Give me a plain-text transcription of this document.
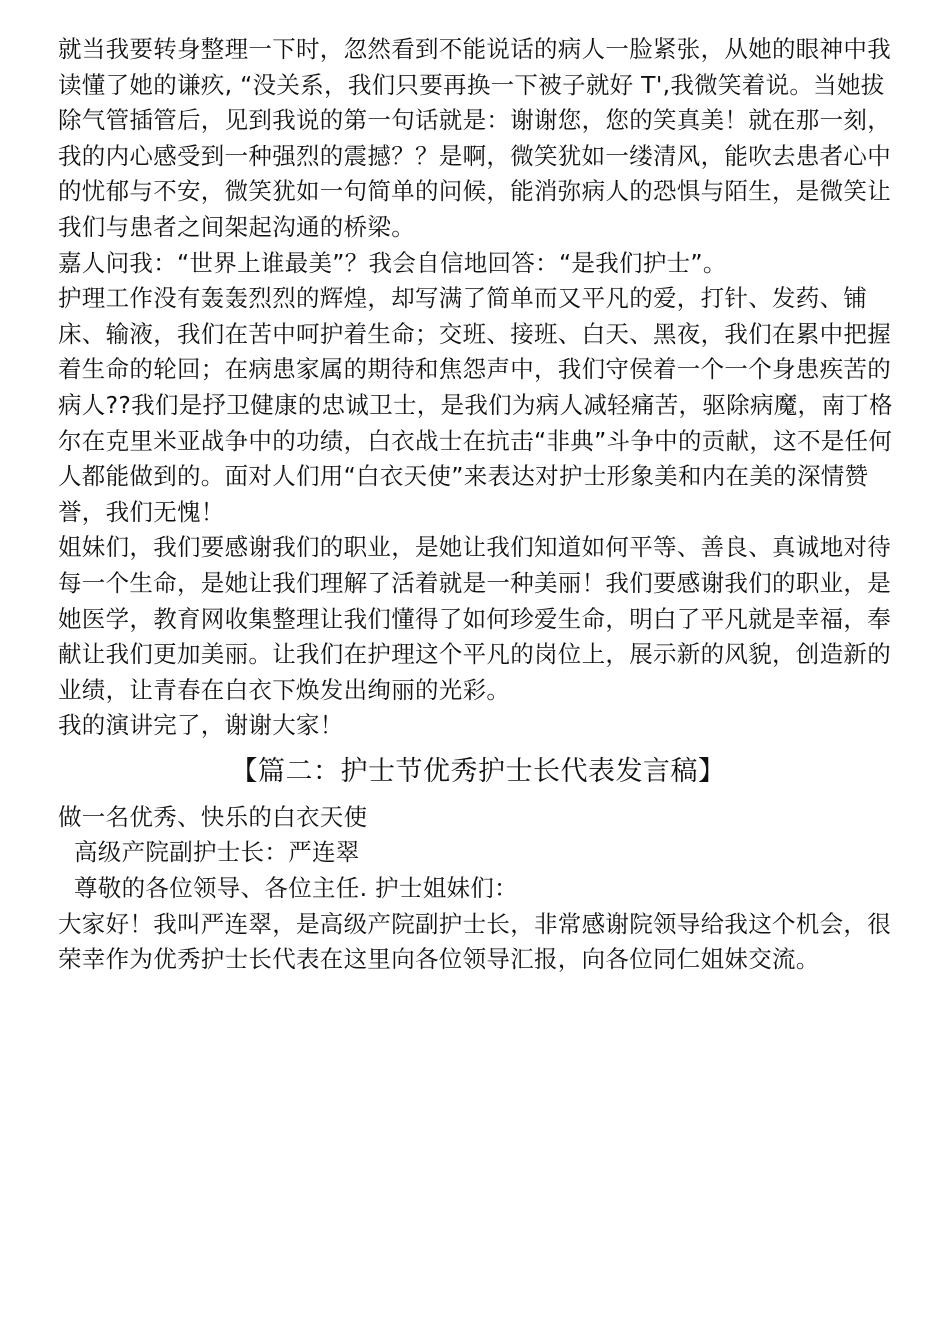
就当我要转身整理一下时，忽然看到不能说话的病人一脸紧张，从她的眼神中我读懂了她的谦疚, “没关系，我们只要再换一下被子就好 T',我微笑着说。当她拔除气管插管后，见到我说的第一句话就是：谢谢您，您的笑真美！就在那一刻，我的内心感受到一种强烈的震撼？？是啊，微笑犹如一缕清风，能吹去患者心中的忧郁与不安，微笑犹如一句简单的问候，能消弥病人的恐惧与陌生，是微笑让我们与患者之间架起沟通的桥梁。

嘉人问我：“世界上谁最美”？我会自信地回答：“是我们护士”。

护理工作没有轰轰烈烈的辉煌，却写满了简单而又平凡的爱，打针、发药、铺床、输液，我们在苦中呵护着生命；交班、接班、白天、黑夜，我们在累中把握着生命的轮回；在病患家属的期待和焦怨声中，我们守侯着一个一个身患疾苦的病人??我们是抒卫健康的忠诚卫士，是我们为病人减轻痛苦，驱除病魔，南丁格尔在克里米亚战争中的功绩，白衣战士在抗击“非典”斗争中的贡献，这不是任何人都能做到的。面对人们用“白衣天使”来表达对护士形象美和内在美的深情赞誉，我们无愧！

姐妹们，我们要感谢我们的职业，是她让我们知道如何平等、善良、真诚地对待每一个生命，是她让我们理解了活着就是一种美丽！我们要感谢我们的职业，是她医学，教育网收集整理让我们懂得了如何珍爱生命，明白了平凡就是幸福，奉献让我们更加美丽。让我们在护理这个平凡的岗位上，展示新的风貌，创造新的业绩，让青春在白衣下焕发出绚丽的光彩。

我的演讲完了，谢谢大家！

【篇二：护士节优秀护士长代表发言稿】

做一名优秀、快乐的白衣天使

高级产院副护士长：严连翠

尊敬的各位领导、各位主任. 护士姐妹们：

大家好！我叫严连翠，是高级产院副护士长，非常感谢院领导给我这个机会，很荣幸作为优秀护士长代表在这里向各位领导汇报，向各位同仁姐妹交流。
